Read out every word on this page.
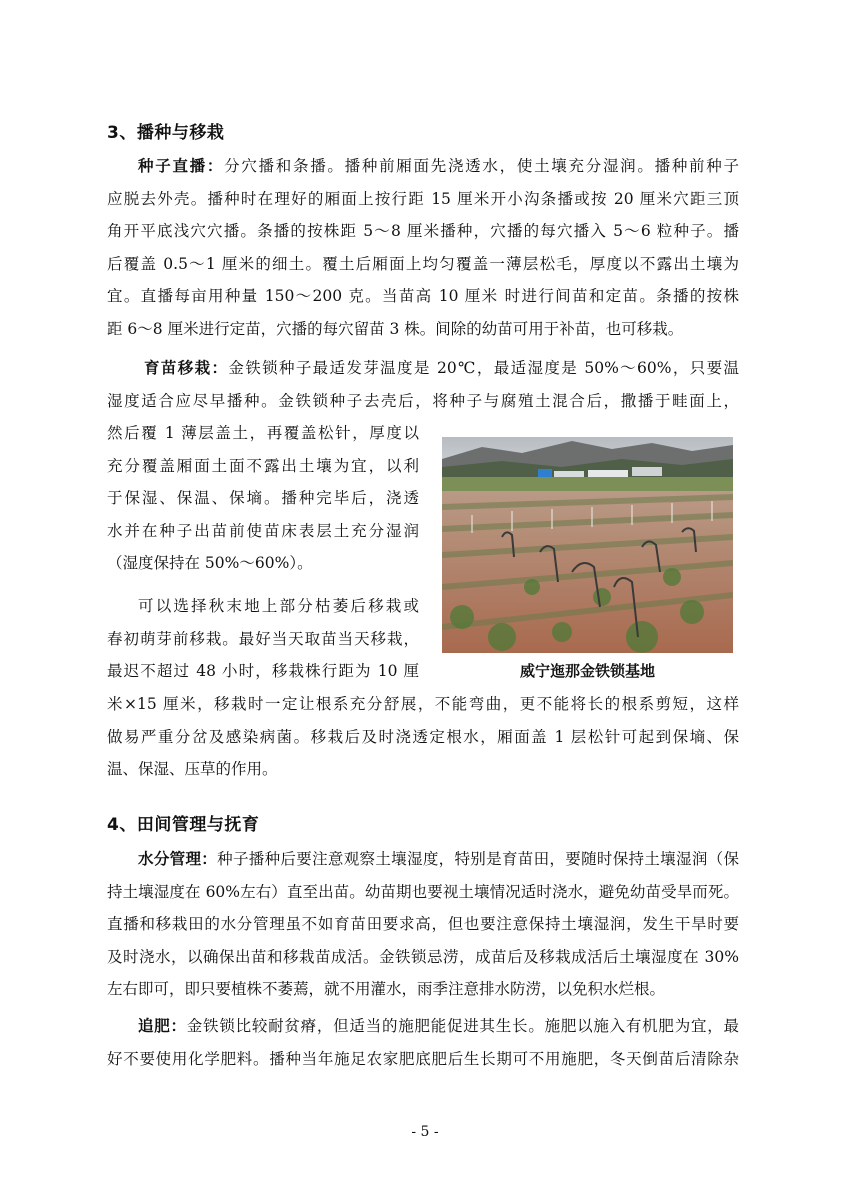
3、播种与移栽
种子直播：分穴播和条播。播种前厢面先浇透水，使土壤充分湿润。播种前种子
应脱去外壳。播种时在理好的厢面上按行距 15 厘米开小沟条播或按 20 厘米穴距三顶
角开平底浅穴穴播。条播的按株距 5～8 厘米播种，穴播的每穴播入 5～6 粒种子。播
后覆盖 0.5～1 厘米的细土。覆土后厢面上均匀覆盖一薄层松毛，厚度以不露出土壤为
宜。直播每亩用种量 150～200 克。当苗高 10 厘米 时进行间苗和定苗。条播的按株
距 6～8 厘米进行定苗，穴播的每穴留苗 3 株。间除的幼苗可用于补苗，也可移栽。
育苗移栽：金铁锁种子最适发芽温度是 20℃，最适湿度是 50%～60%，只要温
湿度适合应尽早播种。金铁锁种子去壳后，将种子与腐殖土混合后，撒播于畦面上，
然后覆 1 薄层盖土，再覆盖松针，厚度以
充分覆盖厢面土面不露出土壤为宜，以利
于保湿、保温、保墒。播种完毕后，浇透
水并在种子出苗前使苗床表层土充分湿润
（湿度保持在 50%～60%）。
可以选择秋末地上部分枯萎后移栽或
春初萌芽前移栽。最好当天取苗当天移栽，
最迟不超过 48 小时，移栽株行距为 10 厘
米×15 厘米，移栽时一定让根系充分舒展，不能弯曲，更不能将长的根系剪短，这样
做易严重分岔及感染病菌。移栽后及时浇透定根水，厢面盖 1 层松针可起到保墒、保
温、保湿、压草的作用。
威宁迤那金铁锁基地
4、田间管理与抚育
水分管理：种子播种后要注意观察土壤湿度，特别是育苗田，要随时保持土壤湿润（保
持土壤湿度在 60%左右）直至出苗。幼苗期也要视土壤情况适时浇水，避免幼苗受旱而死。
直播和移栽田的水分管理虽不如育苗田要求高，但也要注意保持土壤湿润，发生干旱时要
及时浇水，以确保出苗和移栽苗成活。金铁锁忌涝，成苗后及移栽成活后土壤湿度在 30%
左右即可，即只要植株不萎蔫，就不用灌水，雨季注意排水防涝，以免积水烂根。
追肥：金铁锁比较耐贫瘠，但适当的施肥能促进其生长。施肥以施入有机肥为宜，最
好不要使用化学肥料。播种当年施足农家肥底肥后生长期可不用施肥，冬天倒苗后清除杂
- 5 -
